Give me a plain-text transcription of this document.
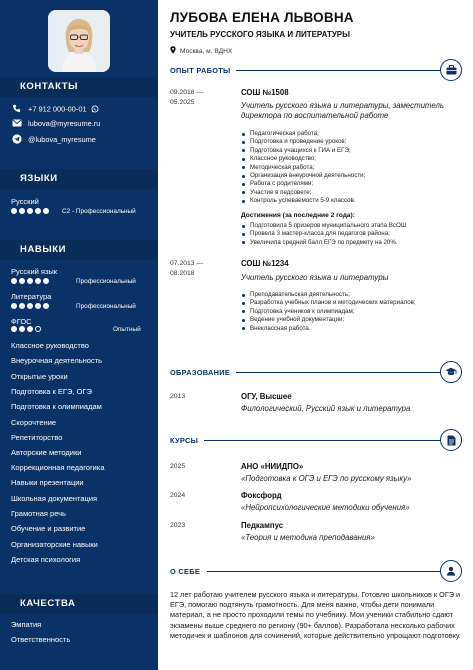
КОНТАКТЫ
+7 912 000-00-01
lubova@myresume.ru
@lubova_myresume
ЯЗЫКИ
Русский
C2 - Профессиональный
НАВЫКИ
Русский язык
Профессиональный
Литература
Профессиональный
ФГОС
Опытный
Классное руководство
Внеурочная деятельность
Открытые уроки
Подготовка к ЕГЭ, ОГЭ
Подготовка к олимпиадам
Скорочтение
Репетиторство
Авторские методики
Коррекционная педагогика
Навыки презентации
Школьная документация
Грамотная речь
Обучение и развитие
Организаторские навыки
Детская психология
КАЧЕСТВА
Эмпатия
Ответственность
ЛУБОВА ЕЛЕНА ЛЬВОВНА
УЧИТЕЛЬ РУССКОГО ЯЗЫКА И ЛИТЕРАТУРЫ
Москва, м. ВДНХ
ОПЫТ РАБОТЫ
09.2018 —
05.2025
СОШ №1508
Учитель русского языка и литературы, заместитель директора по воспитательной работе
Педагогическая работа;
Подготовка и проведение уроков;
Подготовка учащихся к ГИА и ЕГЭ;
Классное руководство;
Методическая работа;
Организация внеурочной деятельности;
Работа с родителями;
Участие в педсовете;
Контроль успеваемости 5-9 классов.
Достижения (за последние 2 года):
Подготовила 5 призеров муниципального этапа ВсОШ
Провела 3 мастер-класса для педагогов района;
Увеличила средний балл ЕГЭ по предмету на 20%.
07.2013 —
08.2018
СОШ №1234
Учитель русского языка и литературы
Преподавательская деятельность;
Разработка учебных планов и методических материалов;
Подготовка учеников к олимпиадам;
Ведение учебной документации;
Внеклассная работа.
ОБРАЗОВАНИЕ
2013	ОГУ, Высшее
Филологический, Русский язык и литература
КУРСЫ
2025	АНО «НИИДПО»
«Подготовка к ОГЭ и ЕГЭ по русскому языку»
2024	Фоксфорд
«Нейропсихологические методики обучения»
2023	Педкампус
«Теория и методика преподавания»
О СЕБЕ
12 лет работаю учителем русского языка и литературы. Готовлю школьников к ОГЭ и ЕГЭ, помогаю подтянуть грамотность. Для меня важно, чтобы дети понимали материал, а не просто проходили темы по учебнику. Мои ученики стабильно сдают экзамены выше среднего по региону (90+ баллов). Разработала несколько рабочих методичек и шаблонов для сочинений, которые действительно упрощают подготовку.
